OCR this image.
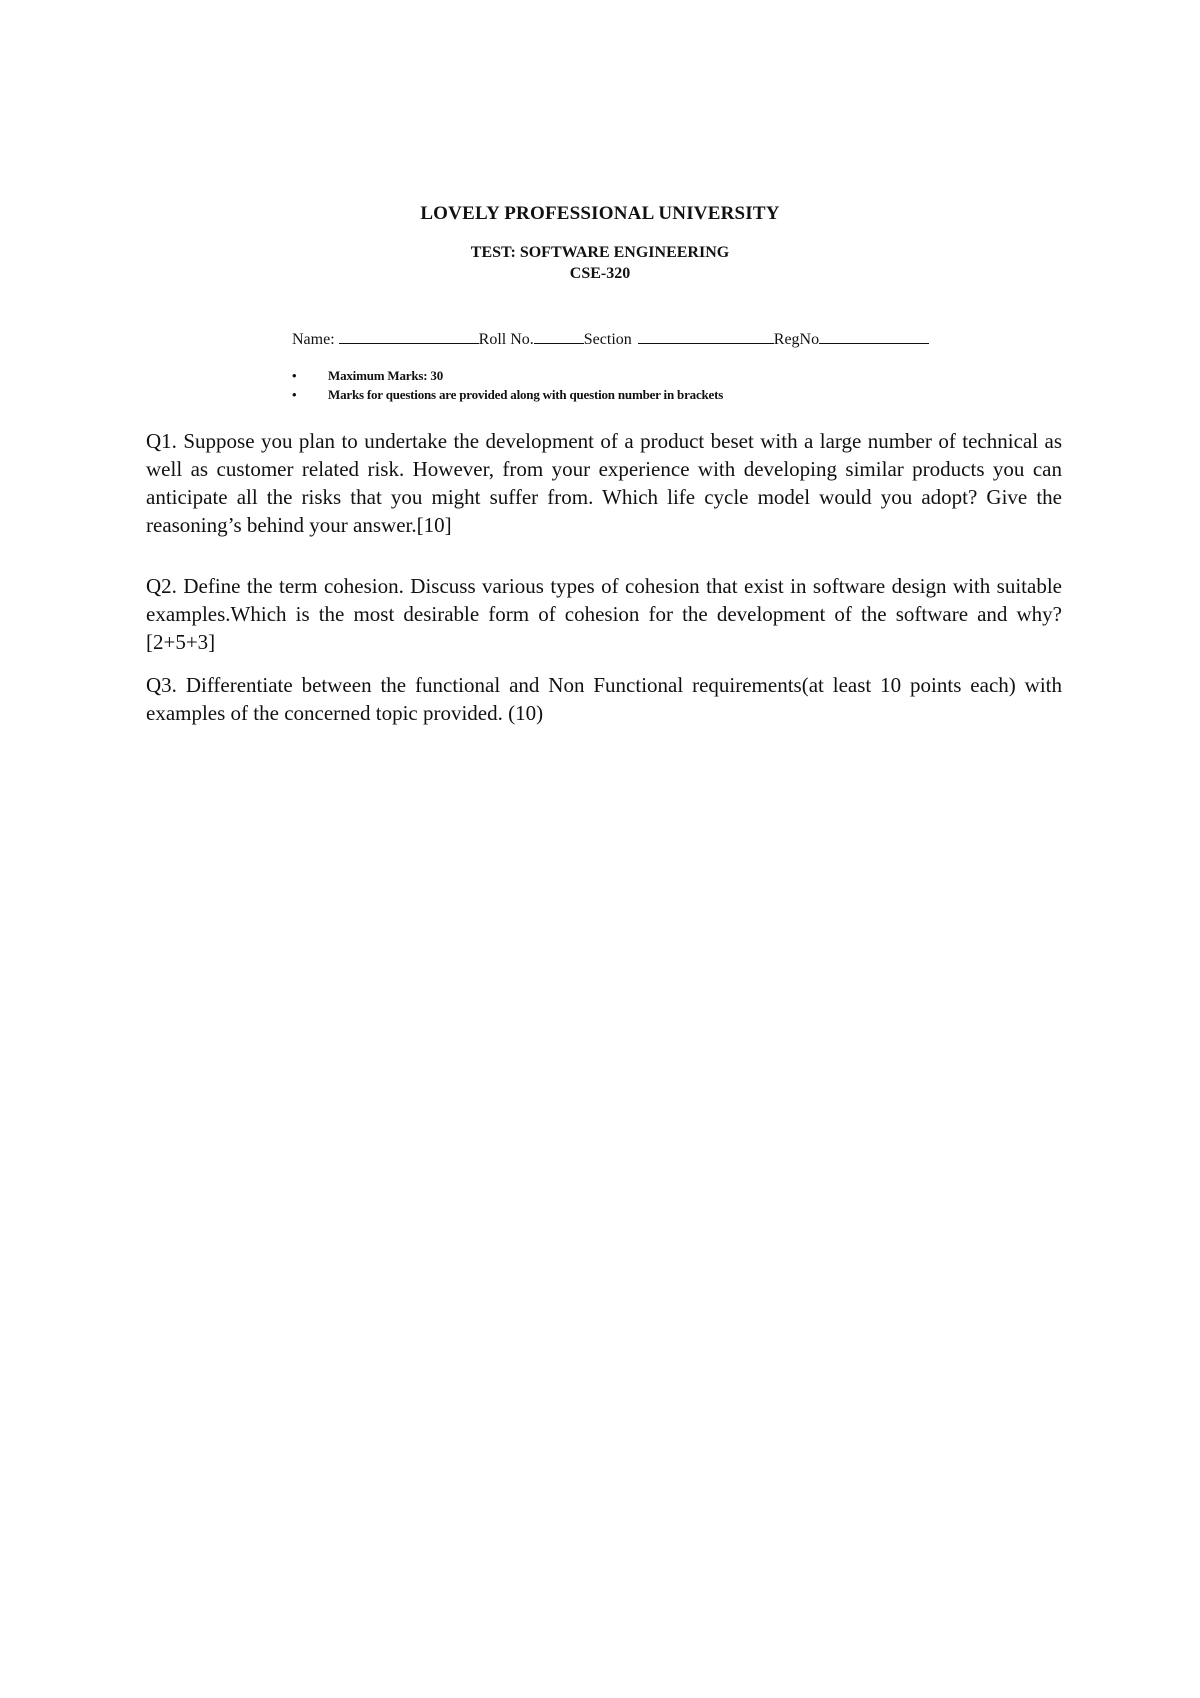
LOVELY PROFESSIONAL UNIVERSITY
TEST: SOFTWARE ENGINEERING
CSE-320
Name:	Roll No.	Section	RegNo
• Maximum Marks: 30
• Marks for questions are provided along with question number in brackets

Q1. Suppose you plan to undertake the development of a product beset with a large number of technical as well as customer related risk. However, from your experience with developing similar products you can anticipate all the risks that you might suffer from. Which life cycle model would you adopt? Give the reasoning’s behind your answer.[10]

Q2. Define the term cohesion. Discuss various types of cohesion that exist in software design with suitable examples.Which is the most desirable form of cohesion for the development of the software and why?[2+5+3]

Q3. Differentiate between the functional and Non Functional requirements(at least 10 points each) with examples of the concerned topic provided. (10)
